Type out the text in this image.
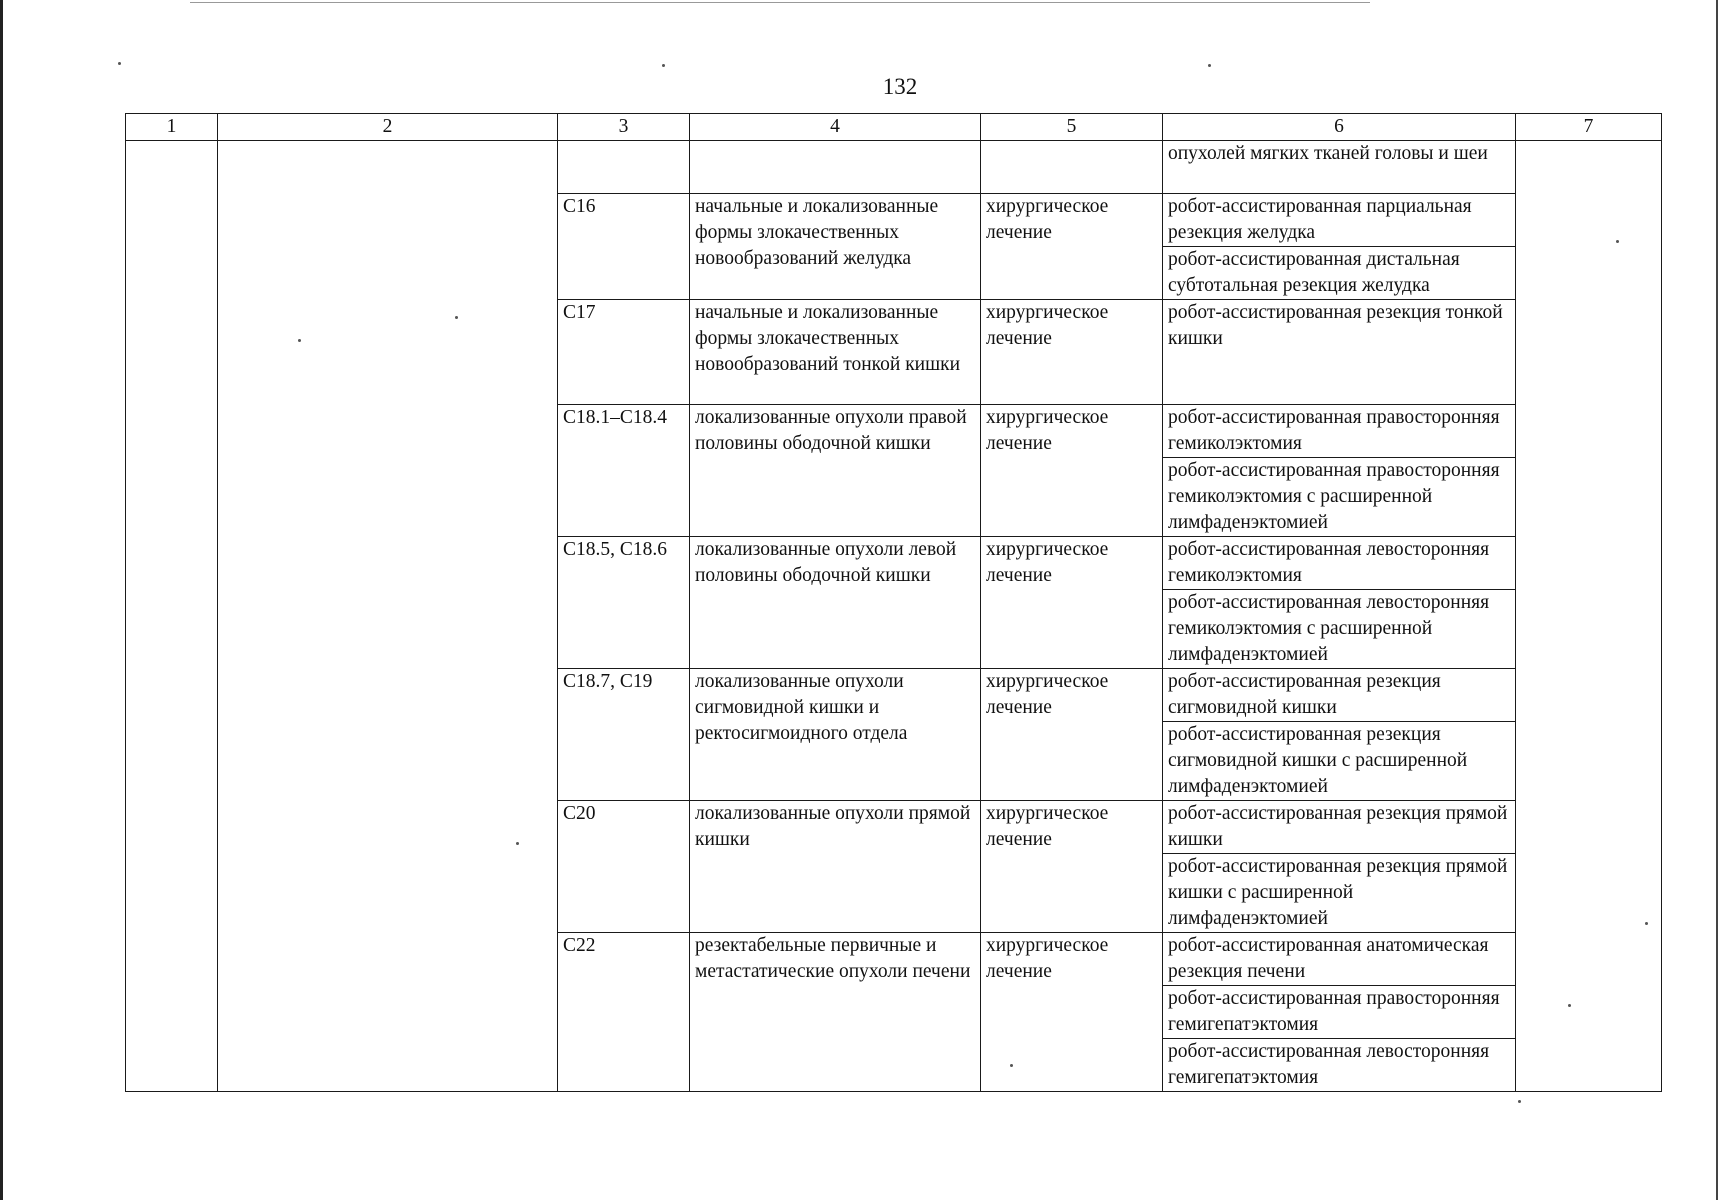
132
1	2	3	4	5	6	7

					опухолей мягких тканей головы и шеи	

		C16	начальные и локализованные формы злокачественных новообразований желудка	хирургическое лечение	робот-ассистированная парциальная резекция желудка
робот-ассистированная дистальная субтотальная резекция желудка	

		C17	начальные и локализованные формы злокачественных новообразований тонкой кишки	хирургическое лечение	робот-ассистированная резекция тонкой кишки	

		C18.1–C18.4	локализованные опухоли правой половины ободочной кишки	хирургическое лечение	робот-ассистированная правосторонняя гемиколэктомия
робот-ассистированная правосторонняя гемиколэктомия с расширенной лимфаденэктомией	

		C18.5, C18.6	локализованные опухоли левой половины ободочной кишки	хирургическое лечение	робот-ассистированная левосторонняя гемиколэктомия
робот-ассистированная левосторонняя гемиколэктомия с расширенной лимфаденэктомией	

		C18.7, C19	локализованные опухоли сигмовидной кишки и ректосигмоидного отдела	хирургическое лечение	робот-ассистированная резекция сигмовидной кишки
робот-ассистированная резекция сигмовидной кишки с расширенной лимфаденэктомией	

		C20	локализованные опухоли прямой кишки	хирургическое лечение	робот-ассистированная резекция прямой кишки
робот-ассистированная резекция прямой кишки с расширенной лимфаденэктомией	

		C22	резектабельные первичные и метастатические опухоли печени	хирургическое лечение	робот-ассистированная анатомическая резекция печени
робот-ассистированная правосторонняя гемигепатэктомия
робот-ассистированная левосторонняя гемигепатэктомия	
